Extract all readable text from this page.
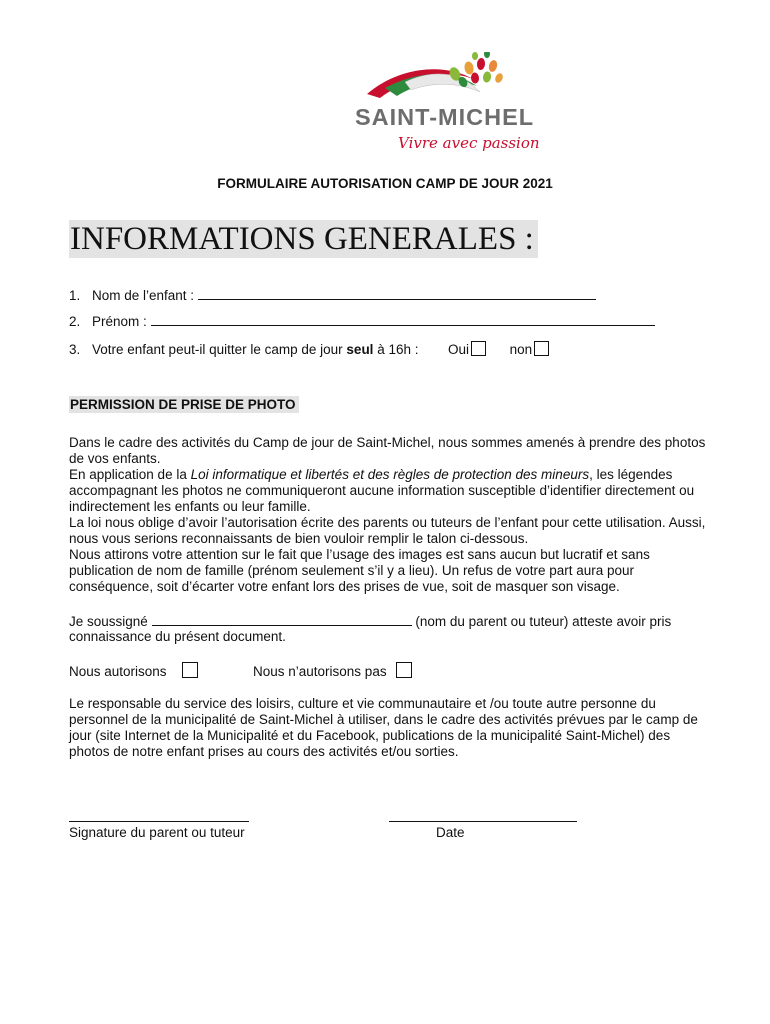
SAINT-MICHEL
Vivre avec passion
FORMULAIRE AUTORISATION CAMP DE JOUR 2021
INFORMATIONS GENERALES :
1. Nom de l’enfant :
2. Prénom :
3. Votre enfant peut-il quitter le camp de jour seul à 16h : Oui	non
PERMISSION DE PRISE DE PHOTO

Dans le cadre des activités du Camp de jour de Saint-Michel, nous sommes amenés à prendre des photos de vos enfants.

En application de la Loi informatique et libertés et des règles de protection des mineurs, les légendes accompagnant les photos ne communiqueront aucune information susceptible d’identifier directement ou indirectement les enfants ou leur famille.

La loi nous oblige d’avoir l’autorisation écrite des parents ou tuteurs de l’enfant pour cette utilisation. Aussi, nous vous serions reconnaissants de bien vouloir remplir le talon ci-dessous.

Nous attirons votre attention sur le fait que l’usage des images est sans aucun but lucratif et sans publication de nom de famille (prénom seulement s’il y a lieu). Un refus de votre part aura pour conséquence, soit d’écarter votre enfant lors des prises de vue, soit de masquer son visage.

Je soussigné	(nom du parent ou tuteur) atteste avoir pris
connaissance du présent document.
Nous autorisons	Nous n’autorisons pas
Le responsable du service des loisirs, culture et vie communautaire et /ou toute autre personne du personnel de la municipalité de Saint-Michel à utiliser, dans le cadre des activités prévues par le camp de jour (site Internet de la Municipalité et du Facebook, publications de la municipalité Saint-Michel) des photos de notre enfant prises au cours des activités et/ou sorties.
Signature du parent ou tuteur	Date
